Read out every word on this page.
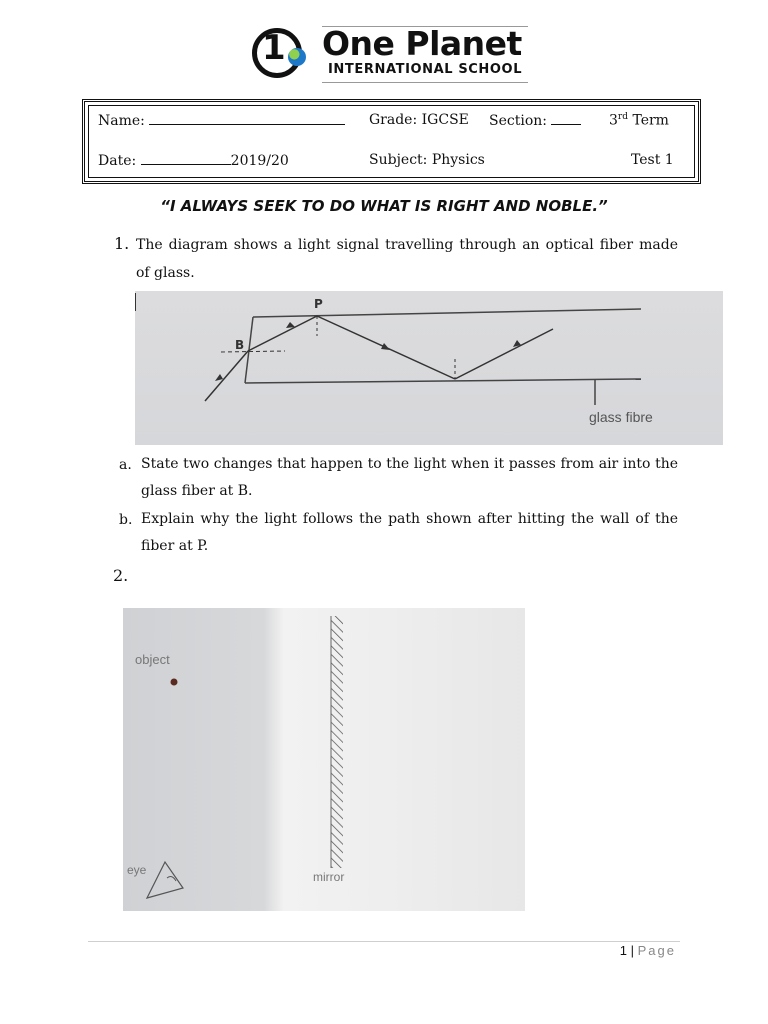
1 One Planet
INTERNATIONAL SCHOOL
Name:	Grade: IGCSE Section:	3rd Term
Date:	2019/20	Subject: Physics	Test 1
“I ALWAYS SEEK TO DO WHAT IS RIGHT AND NOBLE.”
1. The diagram shows a light signal travelling through an optical fiber made of glass.
P
B
glass fibre
a. State two changes that happen to the light when it passes from air into the glass fiber at B.
b. Explain why the light follows the path shown after hitting the wall of the fiber at P.
2.
object
eye	mirror
1 | Page
